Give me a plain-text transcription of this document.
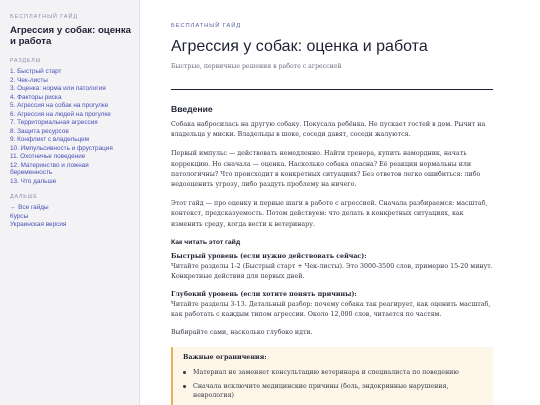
БЕСПЛАТНЫЙ ГАЙД
Агрессия у собак: оценка и работа
РАЗДЕЛЫ
1. Быстрый старт
2. Чек-листы
3. Оценка: норма или патология
4. Факторы риска
5. Агрессия на собак на прогулке
6. Агрессия на людей на прогулке
7. Территориальная агрессия
8. Защита ресурсов
9. Конфликт с владельцем
10. Импульсивность и фрустрация
11. Охотничье поведение
12. Материнство и ложная беременность
13. Что дальше
ДАЛЬШЕ
← Все гайды
Курсы
Украинская версия
БЕСПЛАТНЫЙ ГАЙД
Агрессия у собак: оценка и работа
Быстрые, первичные решения в работе с агрессией
Введение

Собака набросилась на другую собаку. Покусала ребёнка. Не пускает гостей в дом. Рычит на владельца у миски. Владельцы в шоке, соседи давят, соседи жалуются.

Первый импульс — действовать немедленно. Найти тренера, купить намордник, начать коррекцию. Но сначала — оценка. Насколько собака опасна? Её реакции нормальны или патологичны? Что происходит в конкретных ситуациях? Без ответов легко ошибиться: либо недооценить угрозу, либо раздуть проблему на ничего.

Этот гайд — про оценку и первые шаги в работе с агрессией. Сначала разбираемся: масштаб, контекст, предсказуемость. Потом действуем: что делать в конкретных ситуациях, как изменить среду, когда вести к ветеринару.

Как читать этот гайд
Быстрый уровень (если нужно действовать сейчас):

Читайте разделы 1-2 (Быстрый старт + Чек-листы). Это 3000-3500 слов, примерно 15-20 минут. Конкретные действия для первых дней.

Глубокий уровень (если хотите понять причины):

Читайте разделы 3-13. Детальный разбор: почему собака так реагирует, как оценить масштаб, как работать с каждым типом агрессии. Около 12,000 слов, читается по частям.

Выбирайте сами, насколько глубоко идти.

Важные ограничения:
Материал не заменяет консультацию ветеринара и специалиста по поведению
Сначала исключите медицинские причины (боль, эндокринные нарушения, неврология)
